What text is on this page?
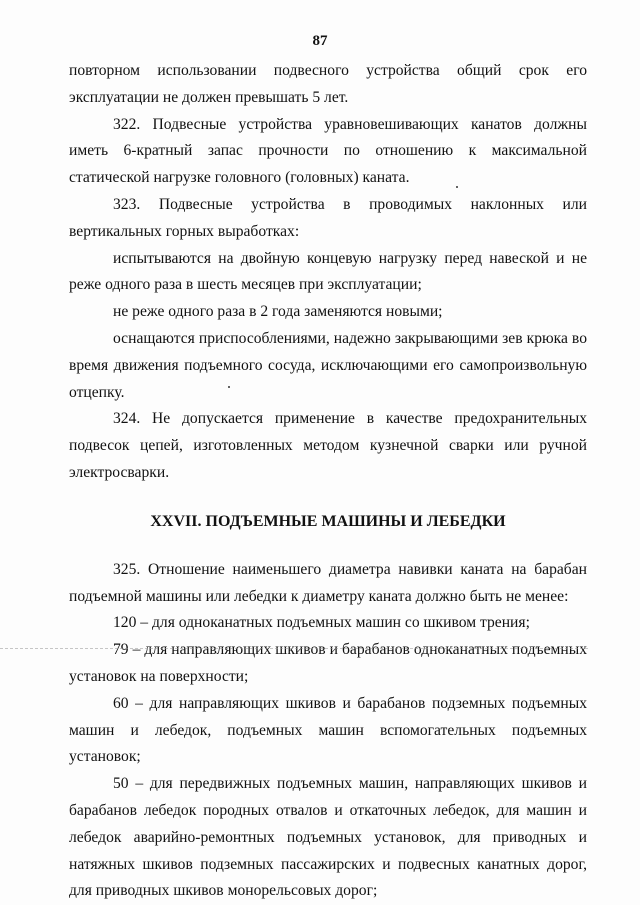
87
повторном использовании подвесного устройства общий срок его эксплуатации не должен превышать 5 лет.
322. Подвесные устройства уравновешивающих канатов должны иметь 6-кратный запас прочности по отношению к максимальной статической нагрузке головного (головных) каната.
323. Подвесные устройства в проводимых наклонных или вертикальных горных выработках:
испытываются на двойную концевую нагрузку перед навеской и не реже одного раза в шесть месяцев при эксплуатации;
не реже одного раза в 2 года заменяются новыми;
оснащаются приспособлениями, надежно закрывающими зев крюка во время движения подъемного сосуда, исключающими его самопроизвольную отцепку.
324. Не допускается применение в качестве предохранительных подвесок цепей, изготовленных методом кузнечной сварки или ручной электросварки.
XXVII. ПОДЪЕМНЫЕ МАШИНЫ И ЛЕБЕДКИ
325. Отношение наименьшего диаметра навивки каната на барабан подъемной машины или лебедки к диаметру каната должно быть не менее:
120 – для одноканатных подъемных машин со шкивом трения;
79 – для направляющих шкивов и барабанов одноканатных подъемных установок на поверхности;
60 – для направляющих шкивов и барабанов подземных подъемных машин и лебедок, подъемных машин вспомогательных подъемных установок;
50 – для передвижных подъемных машин, направляющих шкивов и барабанов лебедок породных отвалов и откаточных лебедок, для машин и лебедок аварийно-ремонтных подъемных установок, для приводных и натяжных шкивов подземных пассажирских и подвесных канатных дорог, для приводных шкивов монорельсовых дорог;
